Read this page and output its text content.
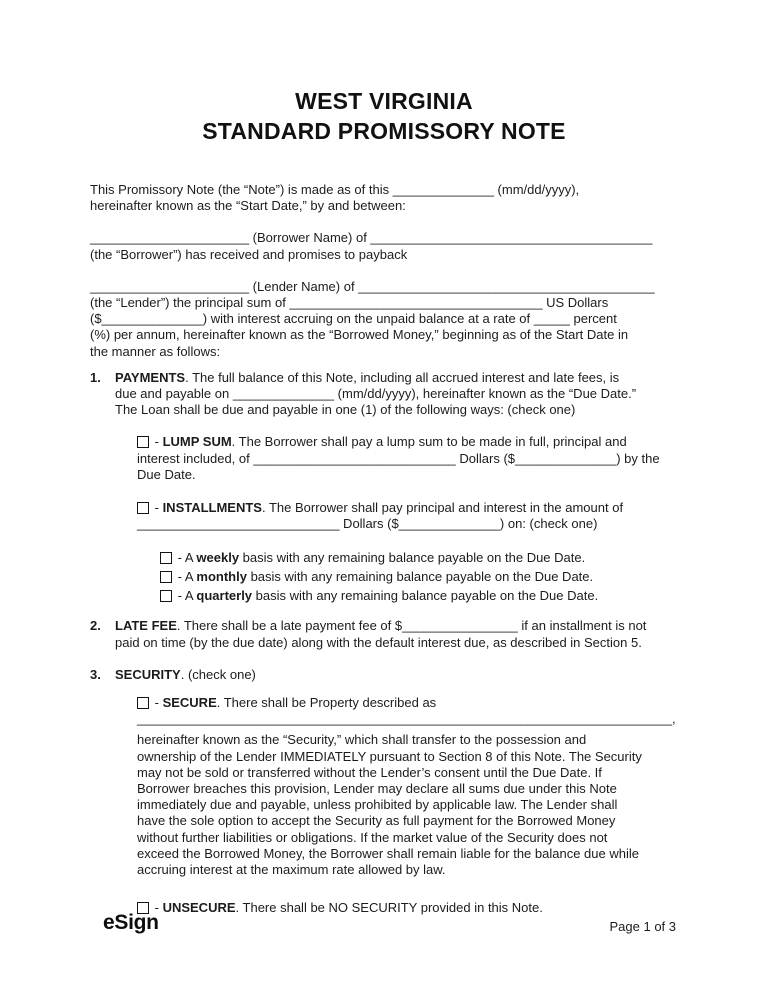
WEST VIRGINIA
STANDARD PROMISSORY NOTE
This Promissory Note (the “Note”) is made as of this ______________ (mm/dd/yyyy),
hereinafter known as the “Start Date,” by and between:
______________________ (Borrower Name) of _______________________________________
(the “Borrower”) has received and promises to payback
______________________ (Lender Name) of _________________________________________
(the “Lender”) the principal sum of ___________________________________ US Dollars
($______________) with interest accruing on the unpaid balance at a rate of _____ percent
(%) per annum, hereinafter known as the “Borrowed Money,” beginning as of the Start Date in
the manner as follows:
1.	PAYMENTS. The full balance of this Note, including all accrued interest and late fees, is
due and payable on ______________ (mm/dd/yyyy), hereinafter known as the “Due Date.”
The Loan shall be due and payable in one (1) of the following ways: (check one)
- LUMP SUM. The Borrower shall pay a lump sum to be made in full, principal and
interest included, of ____________________________ Dollars ($______________) by the
Due Date.
- INSTALLMENTS. The Borrower shall pay principal and interest in the amount of
____________________________ Dollars ($______________) on: (check one)
- A weekly basis with any remaining balance payable on the Due Date.
- A monthly basis with any remaining balance payable on the Due Date.
- A quarterly basis with any remaining balance payable on the Due Date.
2.	LATE FEE. There shall be a late payment fee of $________________ if an installment is not
paid on time (by the due date) along with the default interest due, as described in Section 5.
3.	SECURITY. (check one)
- SECURE. There shall be Property described as
__________________________________________________________________________,
hereinafter known as the “Security,” which shall transfer to the possession and
ownership of the Lender IMMEDIATELY pursuant to Section 8 of this Note. The Security
may not be sold or transferred without the Lender’s consent until the Due Date. If
Borrower breaches this provision, Lender may declare all sums due under this Note
immediately due and payable, unless prohibited by applicable law. The Lender shall
have the sole option to accept the Security as full payment for the Borrowed Money
without further liabilities or obligations. If the market value of the Security does not
exceed the Borrowed Money, the Borrower shall remain liable for the balance due while
accruing interest at the maximum rate allowed by law.
- UNSECURE. There shall be NO SECURITY provided in this Note.
eSign	Page 1 of 3
